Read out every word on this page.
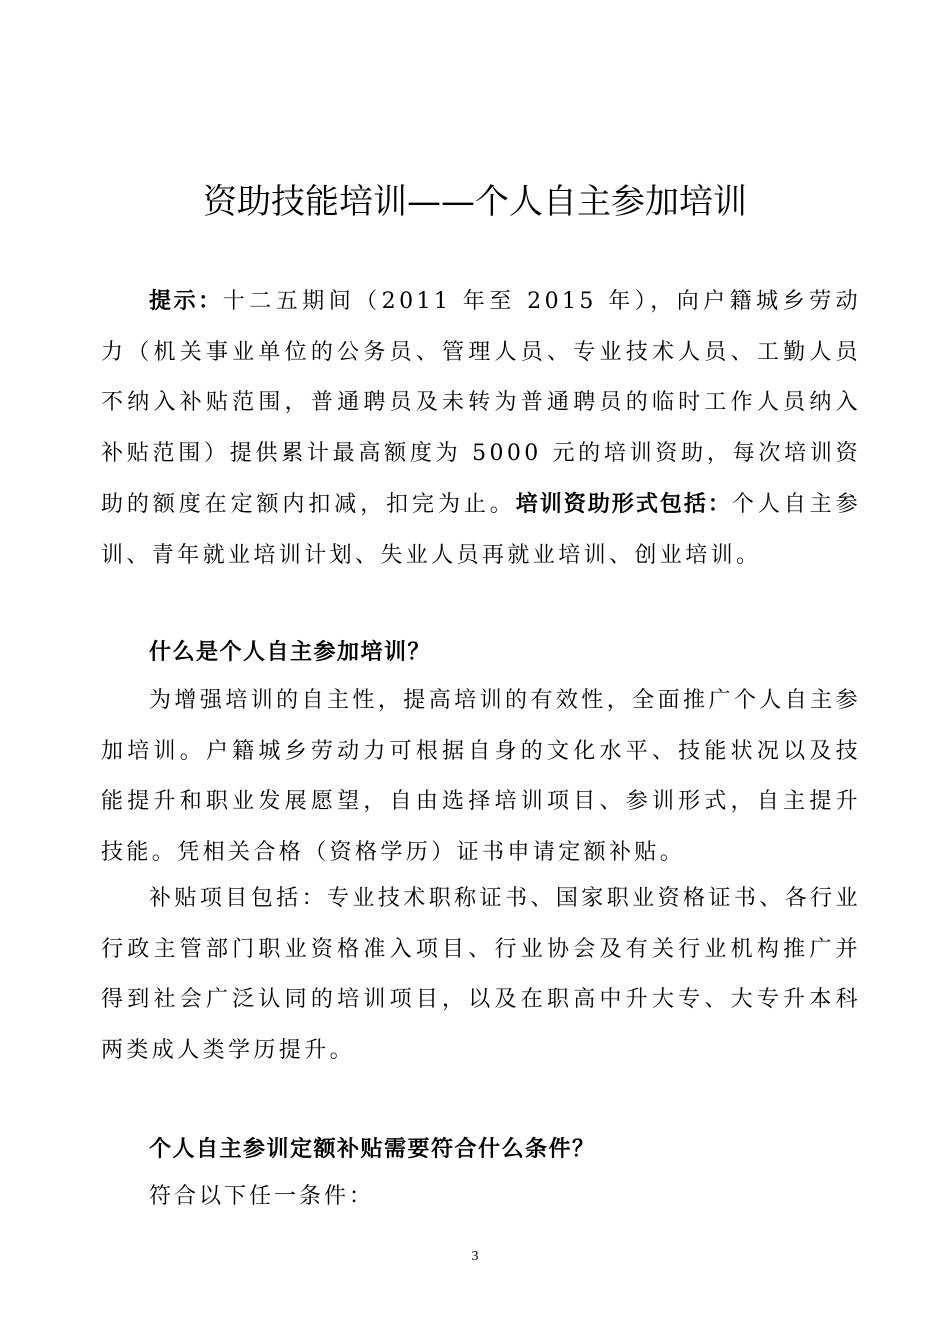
资助技能培训——个人自主参加培训

提示：十二五期间（2011 年至 2015 年），向户籍城乡劳动力（机关事业单位的公务员、管理人员、专业技术人员、工勤人员不纳入补贴范围，普通聘员及未转为普通聘员的临时工作人员纳入补贴范围）提供累计最高额度为 5000 元的培训资助，每次培训资助的额度在定额内扣减，扣完为止。培训资助形式包括：个人自主参训、青年就业培训计划、失业人员再就业培训、创业培训。

什么是个人自主参加培训？

为增强培训的自主性，提高培训的有效性，全面推广个人自主参加培训。户籍城乡劳动力可根据自身的文化水平、技能状况以及技能提升和职业发展愿望，自由选择培训项目、参训形式，自主提升技能。凭相关合格（资格学历）证书申请定额补贴。

补贴项目包括：专业技术职称证书、国家职业资格证书、各行业行政主管部门职业资格准入项目、行业协会及有关行业机构推广并得到社会广泛认同的培训项目，以及在职高中升大专、大专升本科两类成人类学历提升。

个人自主参训定额补贴需要符合什么条件？

符合以下任一条件：

3
